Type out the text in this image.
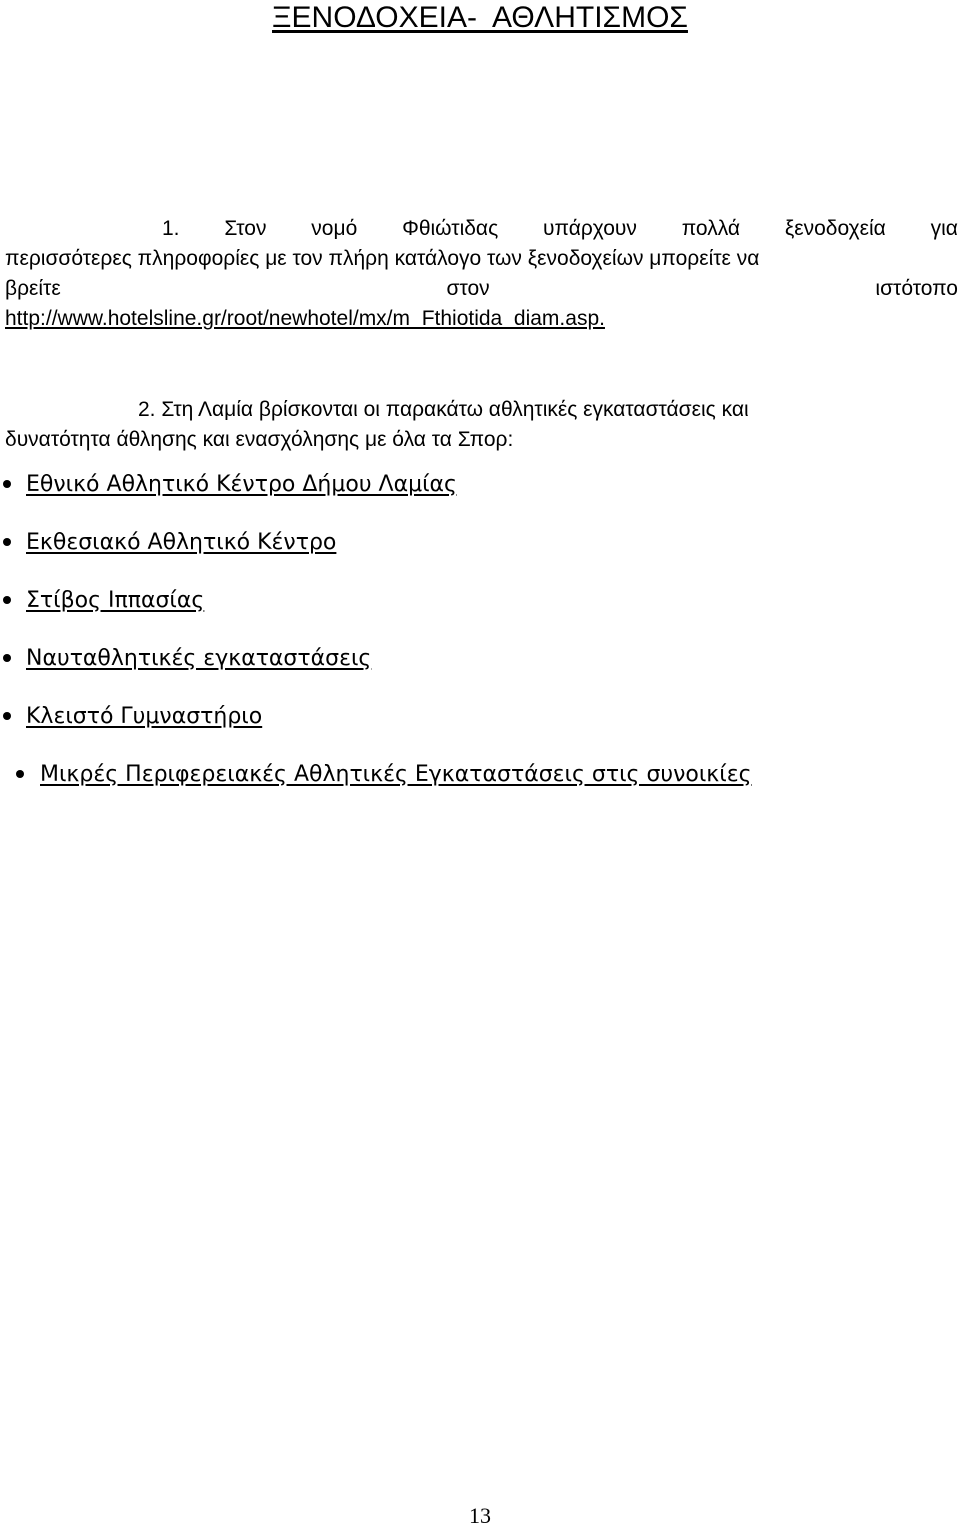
ΞΕΝΟΔΟΧΕΙΑ-  ΑΘΛΗΤΙΣΜΟΣ
1. Στον νομό Φθιώτιδας υπάρχουν πολλά ξενοδοχεία για
περισσότερες πληροφορίες με τον πλήρη κατάλογο των ξενοδοχείων μπορείτε να
βρείτε	στον	ιστότοπο
http://www.hotelsline.gr/root/newhotel/mx/m_Fthiotida_diam.asp.
2. Στη Λαμία βρίσκονται οι παρακάτω αθλητικές εγκαταστάσεις και
δυνατότητα άθλησης και ενασχόλησης με όλα τα Σπορ:
Εθνικό Αθλητικό Κέντρο Δήμου Λαμίας
Εκθεσιακό Αθλητικό Κέντρο
Στίβος Ιππασίας
Ναυταθλητικές εγκαταστάσεις
Κλειστό Γυμναστήριο
Μικρές Περιφερειακές Αθλητικές Εγκαταστάσεις στις συνοικίες
13
